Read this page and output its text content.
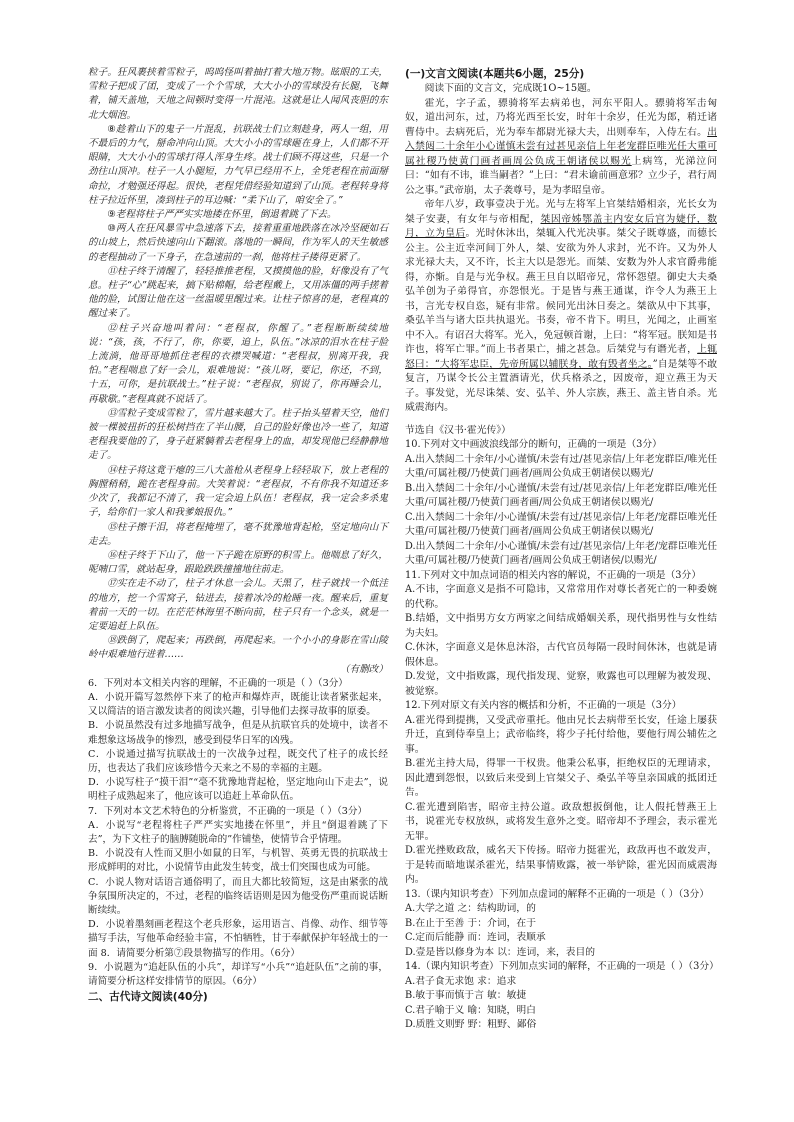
粒子。狂风裹挟着雪粒子，呜呜怪叫着抽打着大地万物。眩眼的工夫，雪粒子把成了团，变成了一个个雪球，大大小小的雪球没有长腿，飞舞着，铺天盖地，天地之间顿时变得一片混沌。这就是让人闻风丧胆的东北大烟泡。

⑧趁着山下的鬼子一片混乱，抗联战士们立刻趁身，两人一组，用不最后的力气，掰命冲向山顶。大大小小的雪球砸在身上，人们都不开眼睛，大大小小的雪球打得人浑身生疼。战士们顾不得这些，只是一个劲往山顶冲。柱子一人小腿短，力气早已经用不上，全凭老程在前面掰命拉，才勉强还得起。很快，老程凭借经验知道到了山顶。老程转身将柱子拉近怀里，凑到柱子的耳边喊：“柔下山了，咱安全了。”

⑨老程将柱子严严实实地搂在怀里，倒退着跳了下去。

⑩两人在狂风暴雪中急速落下去，接着重重地跌落在冰冷坚硬如石的山坡上，然后快速向山下翻滚。落地的一瞬间，作为军人的天生敏感的老程抽动了一下身子，在急速前的一刹，他将柱子搂得更紧了。

⑪柱子终于清醒了，轻轻推推老程，又摸摸他的脸，好像没有了气息。柱子“心”跳起来，搞下贴棉帽，给老程戴上，又用冻僵的两手搓着他的脸，试图让他在这一丝温暖里醒过来。让柱子惊喜的是，老程真的醒过来了。

⑫柱子兴奋地叫着问：“老程叔，你醒了。”老程断断续续地说：“孩，孩，不行了，你，你要，追上，队伍。”冰凉的泪水在柱子脸上流淌，他哥哥地抓住老程的衣襟哭喊道：“老程叔，别离开我，我怕。”老程喘息了好一会儿，艰难地说：“孩儿呀，要记，你还，不到，十五，可你，是抗联战士。”柱子说：“老程叔，别说了，你再睡会儿，再歇歇。”老程真就不说话了。

⑬雪粒子变成雪粒了，雪片越来越大了。柱子抬头望着天空，他们被一棵被扭折的狂松树挡在了半山腰，自己的脸好像也冷一些了，知道老程我要他的了，身子赶紧躺着去老程身上的血，却发现他已经静静地走了。

⑭柱子将这竟干瘪的三八大盖枪从老程身上轻轻取下，放上老程的胸膛稍稍，跪在老程身前。大笑着说：“老程叔，不有你我不知道还多少次了，我都记不清了，我一定会追上队伍！老程叔，我一定会多杀鬼子，给你们一家人和我爹娘报仇。”

⑮柱子擦干泪，将老程掩埋了，毫不犹豫地背起枪，坚定地向山下走去。

⑯柱子终于下山了，他一下子跪在原野的积雪上。他喘息了好久，呢喃口雪，就站起身，跟跄跌跌撞撞地往前走。

⑰实在走不动了，柱子才休息一会儿。天黑了，柱子就找一个低洼的地方，挖一个雪窝子，钻进去，接着冰冷的枪睡一夜。醒来后，重复着前一天的一切。在茫茫林海里不断向前，柱子只有一个念头，就是一定要追赶上队伍。

⑱跌倒了，爬起来；再跌倒，再爬起来。一个小小的身影在雪山陵岭中艰难地行进着……

（有删改）

6．下列对本文相关内容的理解，不正确的一项是（ ）（3分）

A．小说开篇写忽然停下来了的枪声和爆炸声，既能让读者紧张起来，又以简洁的语言激发读者的阅读兴趣，引导他们去探寻故事的原委。

B．小说虽然没有过多地描写战争，但是从抗联官兵的处境中，读者不难想象这场战争的惨烈，感受到侵华日军的凶残。

C．小说通过描写抗联战士的一次战争过程，既交代了柱子的成长经历，也表达了我们应该珍惜今天来之不易的幸福的主题。

D．小说写柱子“摸干泪”“毫不犹豫地背起枪，坚定地向山下走去”，说明柱子成熟起来了，他应该可以追赶上革命队伍。

7．下列对本文艺术特色的分析鉴赏，不正确的一项是（ ）（3分）

A．小说写“老程将柱子严严实实地搂在怀里”，并且“倒退着跳了下去”，为下文柱子的脑膊随脱命的”作铺垫，使情节合乎情理。

B．小说没有人性而又胆小如鼠的日军，与机智、英勇无畏的抗联战士形成鲜明的对比，小说情节由此发生转变，战士们突围也成为可能。

C．小说人物对话语言通俗明了，而且大都比较简短，这是由紧张的战争氛围所决定的，不过，老程的临终话语则是因为他受伤严重而说话断断续续。

D．小说着墨刻画老程这个老兵形象，运用语言、肖像、动作、细节等描写手法，写他革命经验丰富，不怕牺牲，甘于奉献保护年轻战士的一面 8．请简要分析第⑦段景物描写的作用。（6分）

9．小说题为“追赶队伍的小兵”，却详写“小兵”“追赶队伍”之前的事，请简要分析这样安排情节的原因。（6分）

二、古代诗文阅读(40分)

(一)文言文阅读(本题共6小题，25分)

阅读下面的文言文，完成既1O~15题。

霍光，字子孟，骠骑将军去病弟也，河东平阳人。骠骑将军击匈奴，道出河东，过，乃将光西至长安，时年十余岁，任光为郎，稍迁诸曹侍中。去病死后，光为奉车都尉光禄大夫，出则奉车，入侍左右。出入禁闼二十余年小心谨慎未尝有过甚见亲信上年老宠群臣唯光任大重可属社稷乃使黄门画者画周公负成王朝诸侯以赐光上病笃，光涕泣问曰：“如有不讳，谁当嗣者？”上曰：“君未谕前画意邪？立少子，君行周公之事。”武帝崩，太子袭尊号，是为孝昭皇帝。

帝年八岁，政事壹决于光。光与左将军上官桀结婚相亲，光长女为桀子安妻，有女年与帝相配，桀因帝姊鄂盖主内安女后宫为婕伃，数月，立为皇后。光时休沐出，桀辄入代光决事。桀父子既尊盛，而德长公主。公主近幸河间丁外人，桀、安欲为外人求封，光不许。又为外人求光禄大夫，又不许，长主大以是怨光。而桀、安数为外人求官爵弗能得，亦惭。自是与光争权。燕王旦自以昭帝兄，常怀怨望。御史大夫桑弘羊创为子弟得官，亦怨恨光。于是皆与燕王通谋，诈令人为燕王上书，言光专权自恣，疑有非常。候同光出沐日奏之。桀欲从中下其事，桑弘羊当与诸大臣共执退光。书奏，帝不肯下。明旦，光闻之，止画室中不入。有诏召大将军。光入，免冠顿首谢，上曰：“将军冠。朕知是书诈也，将军亡罪。”而上书者果亡，捕之甚急。后桀党与有谮光者，上辄怒曰：“大将军忠臣，先帝所属以辅朕身，敢有毁者坐之。”自是桀等不敢复言，乃谋令长公主置酒请光，伏兵格杀之，因废帝，迎立燕王为天子。事发觉，光尽诛桀、安、弘羊、外人宗族，燕王、盖主皆自杀。光威震海内。

节选自《汉书·霍光传》）

10.下列对文中画波浪线部分的断句，正确的一项是（3分）

A.出入禁闼二十余年/小心谨慎/未尝有过/甚见亲信/上年老宠群臣/唯光任大重/可属社稷/乃使黄门画者/画周公负成王朝诸侯以赐光/

B.出入禁闼二十余年/小心谨慎/未尝有过/甚见亲信/上年老宠群臣/唯光任大重/可属社稷/乃使黄门画者画/周公负成王朝诸侯以赐光/

C.出入禁闼二十余年/小心谨慎/未尝有过/甚见亲信/上年老/宠群臣唯光任大重/可属社稷/乃使黄门画者/画周公负成王朝诸侯以赐光/

D.出入禁闼二十余年/小心谨慎/未尝有过/甚见亲信/上年老/宠群臣唯光任大重/可属社稷/乃使黄门画者/画周公负成王朝诸侯/以赐光/

11.下列对文中加点词语的相关内容的解说，不正确的一项是（3分）

A.不讳，字面意义是指不可隐讳，又常常用作对尊长者死亡的一种委婉的代称。

B.结婚，文中指男方女方两家之间结成婚姻关系，现代指男性与女性结为夫妇。

C.休沐，字面意义是休息沐浴，古代官员每隔一段时间休沐，也就是请假休息。

D.发觉，文中指败露，现代指发现、觉察，败露也可以理解为被发现、被觉察。

12.下列对原文有关内容的概括和分析，不正确的一项是（3分）

A.霍光得到提携，又受武帝重托。他由兄长去病带至长安，任途上屡获升迁，直到侍奉皇上；武帝临终，将少子托付给他，要他行周公辅佐之事。

B.霍光主持大局，得罪一干权贵。他秉公私事，拒绝权臣的无理请求，因此遭到怨恨，以致后来受到上官桀父子、桑弘羊等皇亲国戚的抵团迁告。

C.霍光遭到陷害，昭帝主持公道。政敌想扳倒他，让人假托替燕王上书，说霍光专权放纵，或将发生意外之变。昭帝却不予理会，表示霍光无罪。

D.霍光挫败政敌，威名天下传扬。昭帝力挺霍光，政敌再也不敢发声，于是转而暗地谋杀霍光，结果事情败露，被一举铲除，霍光因而威震海内。

13.（课内知识考查）下列加点虚词的解释不正确的一项是（ ）（3分）

A.大学之道 之：结构助词，的

B.在止于至善 于：介词，在于

C.定而后能静 而：连词，表顺承

D.壹是皆以修身为本 以：连词，来，表目的

14.（课内知识考查）下列加点实词的解释，不正确的一项是（ ）（3分）

A.君子食无求饱 求：追求

B.敏于事而慎于言 敏：敏捷

C.君子喻于义 喻：知晓，明白

D.质胜文则野 野：粗野、鄙俗
